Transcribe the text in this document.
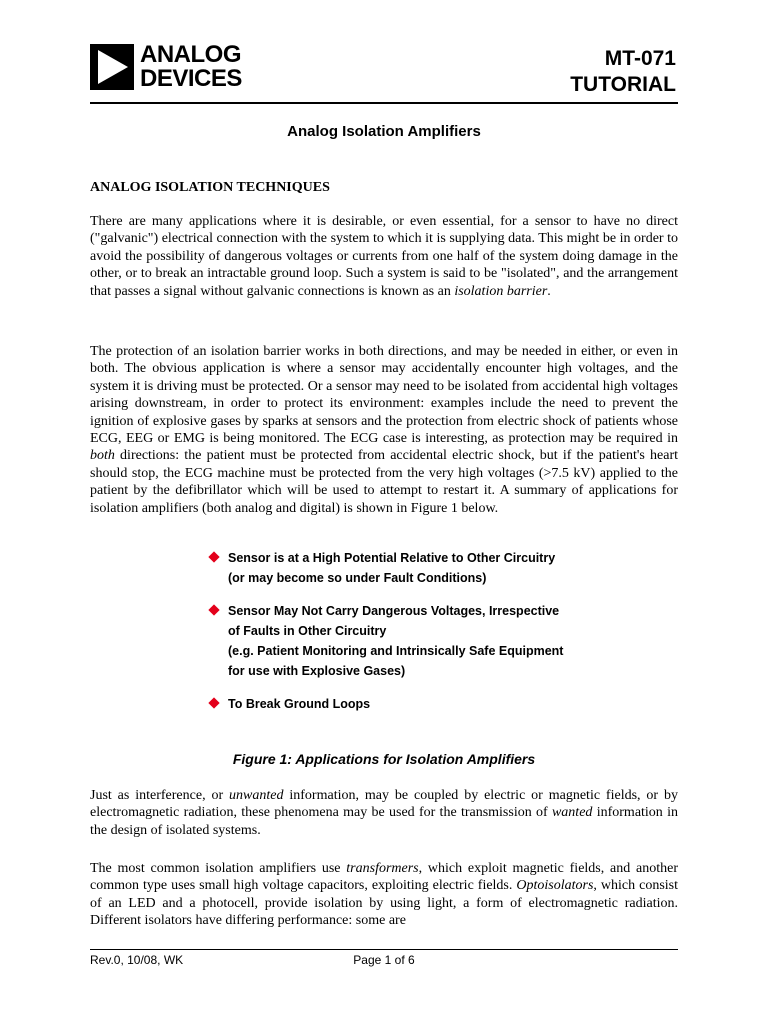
ANALOG
DEVICES
MT-071
TUTORIAL
Analog Isolation Amplifiers
ANALOG ISOLATION TECHNIQUES
There are many applications where it is desirable, or even essential, for a sensor to have no direct ("galvanic") electrical connection with the system to which it is supplying data. This might be in order to avoid the possibility of dangerous voltages or currents from one half of the system doing damage in the other, or to break an intractable ground loop. Such a system is said to be "isolated", and the arrangement that passes a signal without galvanic connections is known as an isolation barrier.
The protection of an isolation barrier works in both directions, and may be needed in either, or even in both. The obvious application is where a sensor may accidentally encounter high voltages, and the system it is driving must be protected. Or a sensor may need to be isolated from accidental high voltages arising downstream, in order to protect its environment: examples include the need to prevent the ignition of explosive gases by sparks at sensors and the protection from electric shock of patients whose ECG, EEG or EMG is being monitored. The ECG case is interesting, as protection may be required in both directions: the patient must be protected from accidental electric shock, but if the patient's heart should stop, the ECG machine must be protected from the very high voltages (>7.5 kV) applied to the patient by the defibrillator which will be used to attempt to restart it. A summary of applications for isolation amplifiers (both analog and digital) is shown in Figure 1 below.
Sensor is at a High Potential Relative to Other Circuitry
(or may become so under Fault Conditions)
Sensor May Not Carry Dangerous Voltages, Irrespective
of Faults in Other Circuitry
(e.g. Patient Monitoring and Intrinsically Safe Equipment
for use with Explosive Gases)
To Break Ground Loops
Figure 1: Applications for Isolation Amplifiers
Just as interference, or unwanted information, may be coupled by electric or magnetic fields, or by electromagnetic radiation, these phenomena may be used for the transmission of wanted information in the design of isolated systems.
The most common isolation amplifiers use transformers, which exploit magnetic fields, and another common type uses small high voltage capacitors, exploiting electric fields. Optoisolators, which consist of an LED and a photocell, provide isolation by using light, a form of electromagnetic radiation. Different isolators have differing performance: some are
Rev.0, 10/08, WK	Page 1 of 6
